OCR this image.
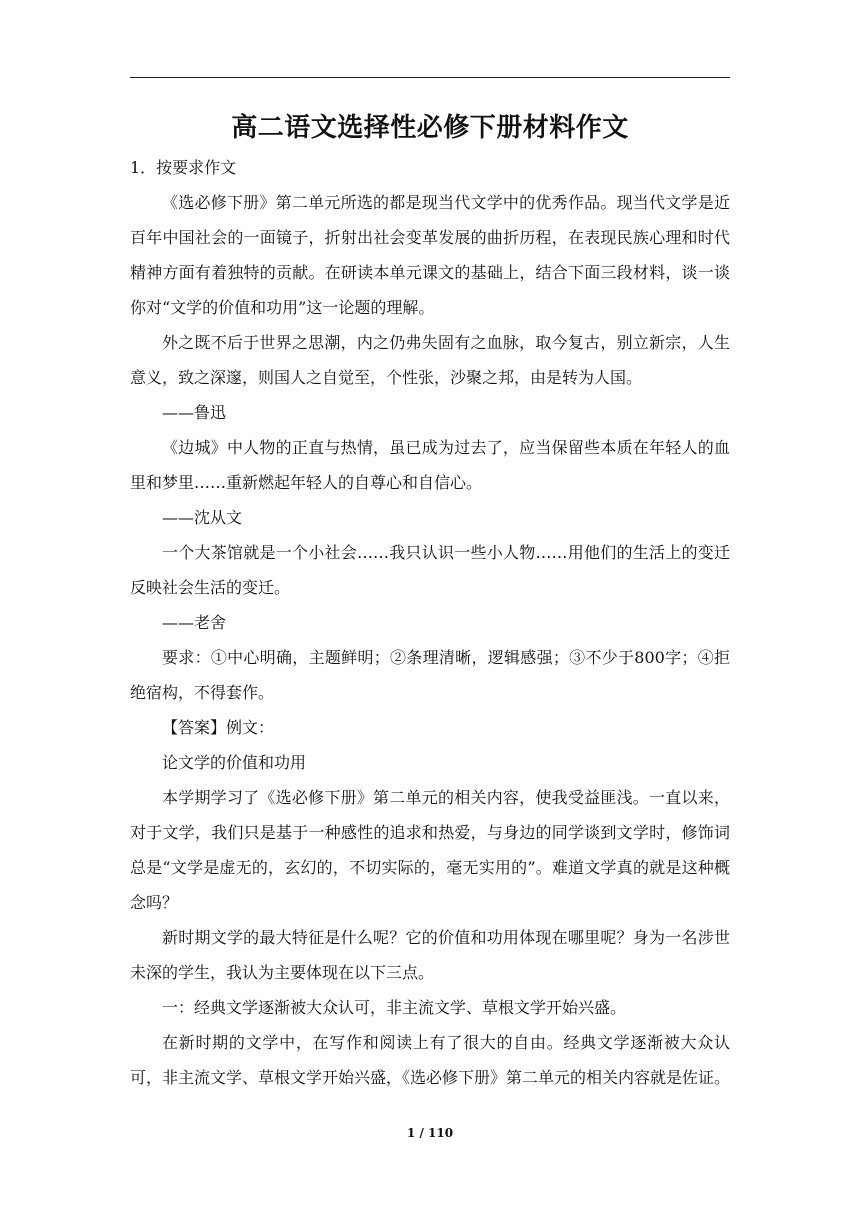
高二语文选择性必修下册材料作文

1．按要求作文

《选必修下册》第二单元所选的都是现当代文学中的优秀作品。现当代文学是近百年中国社会的一面镜子，折射出社会变革发展的曲折历程，在表现民族心理和时代精神方面有着独特的贡献。在研读本单元课文的基础上，结合下面三段材料，谈一谈你对“文学的价值和功用”这一论题的理解。

外之既不后于世界之思潮，内之仍弗失固有之血脉，取今复古，别立新宗，人生意义，致之深邃，则国人之自觉至，个性张，沙聚之邦，由是转为人国。

——鲁迅

《边城》中人物的正直与热情，虽已成为过去了，应当保留些本质在年轻人的血里和梦里……重新燃起年轻人的自尊心和自信心。

——沈从文

一个大茶馆就是一个小社会……我只认识一些小人物……用他们的生活上的变迁反映社会生活的变迁。

——老舍

要求：①中心明确，主题鲜明；②条理清晰，逻辑感强；③不少于800字；④拒绝宿构，不得套作。

【答案】例文：

论文学的价值和功用

本学期学习了《选必修下册》第二单元的相关内容，使我受益匪浅。一直以来，对于文学，我们只是基于一种感性的追求和热爱，与身边的同学谈到文学时，修饰词总是“文学是虚无的，玄幻的，不切实际的，毫无实用的”。难道文学真的就是这种概念吗？

新时期文学的最大特征是什么呢？它的价值和功用体现在哪里呢？身为一名涉世未深的学生，我认为主要体现在以下三点。

一：经典文学逐渐被大众认可，非主流文学、草根文学开始兴盛。

在新时期的文学中，在写作和阅读上有了很大的自由。经典文学逐渐被大众认可，非主流文学、草根文学开始兴盛，《选必修下册》第二单元的相关内容就是佐证。

1 / 110
